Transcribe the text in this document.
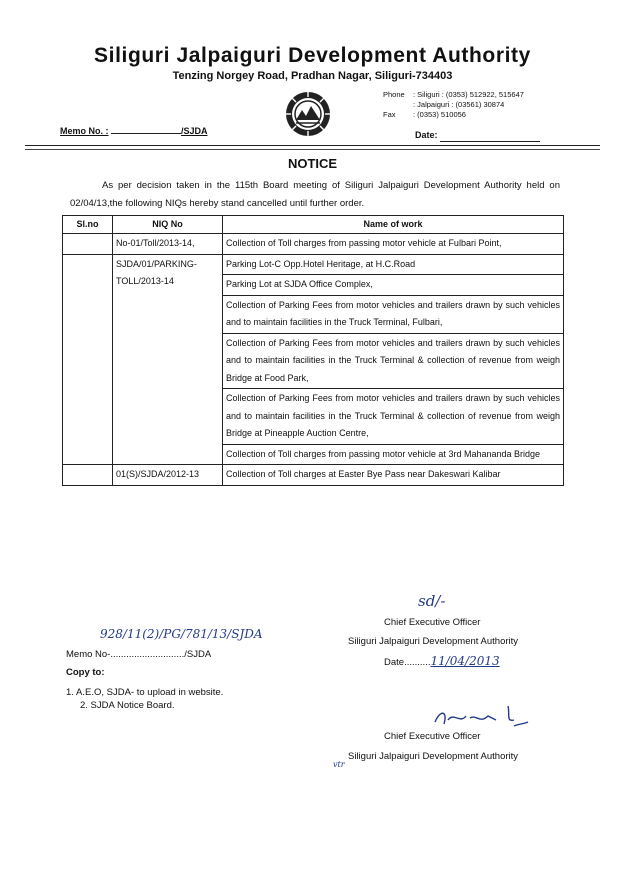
Siliguri Jalpaiguri Development Authority
Tenzing Norgey Road, Pradhan Nagar, Siliguri-734403
Phone : Siliguri : (0353) 512922, 515647
: Jalpaiguri : (03561) 30874
Fax : (0353) 510056
Memo No. :	/SJDA	Date:
NOTICE
As per decision taken in the 115th Board meeting of Siliguri Jalpaiguri Development Authority held on 02/04/13,the following NIQs hereby stand cancelled until further order.
Sl.no	NIQ No	Name of work
	No-01/Toll/2013-14,	Collection of Toll charges from passing motor vehicle at Fulbari Point,
	SJDA/01/PARKING-TOLL/2013-14	Parking Lot-C Opp.Hotel Heritage, at H.C.Road
		Parking Lot at SJDA Office Complex,
		Collection of Parking Fees from motor vehicles and trailers drawn by such vehicles and to maintain facilities in the Truck Terminal, Fulbari,
		Collection of Parking Fees from motor vehicles and trailers drawn by such vehicles and to maintain facilities in the Truck Terminal & collection of revenue from weigh Bridge at Food Park,
		Collection of Parking Fees from motor vehicles and trailers drawn by such vehicles and to maintain facilities in the Truck Terminal & collection of revenue from weigh Bridge at Pineapple Auction Centre,
		Collection of Toll charges from passing motor vehicle at 3rd Mahananda Bridge
	01(S)/SJDA/2012-13	Collection of Toll charges at Easter Bye Pass near Dakeswari Kalibar
sd/-
Chief Executive Officer
Siliguri Jalpaiguri Development Authority
Date..........11/04/2013
928/11(2)/PG/781/13/SJDA
Memo No-............................/SJDA
Copy to:
1. A.E.O, SJDA- to upload in website.
2. SJDA Notice Board.
Chief Executive Officer
Siliguri Jalpaiguri Development Authority
vtr
